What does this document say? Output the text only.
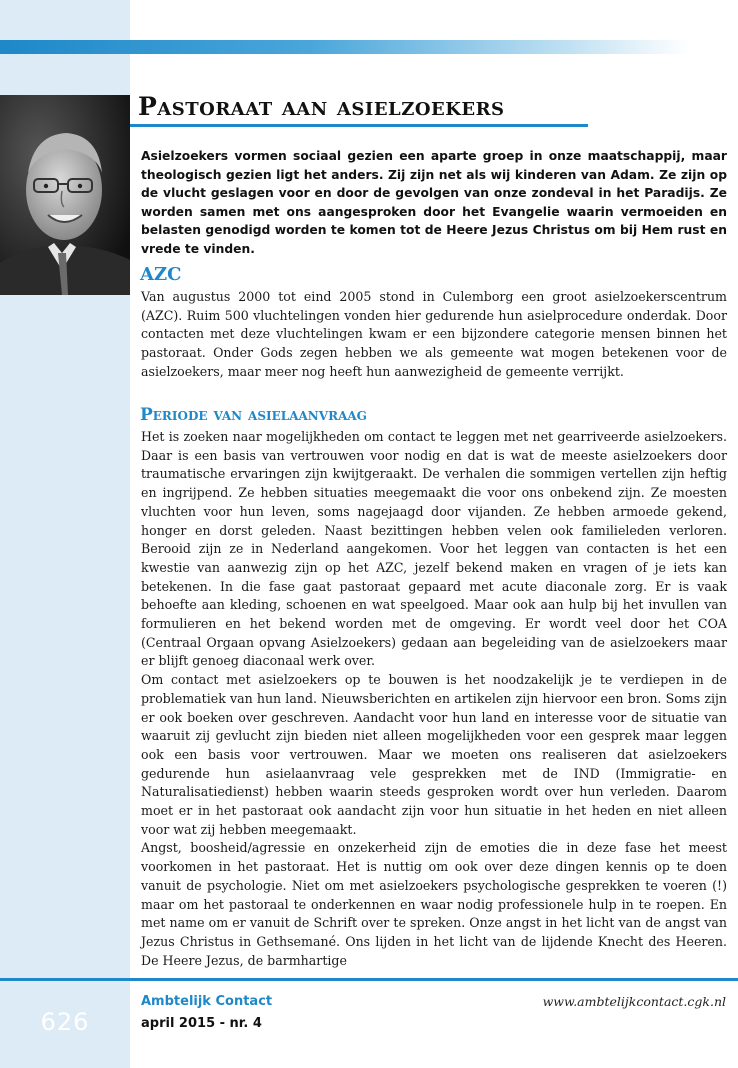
Pastoraat aan asielzoekers

Asielzoekers vormen sociaal gezien een aparte groep in onze maatschappij, maar theologisch gezien ligt het anders. Zij zijn net als wij kinderen van Adam. Ze zijn op de vlucht geslagen voor en door de gevolgen van onze zondeval in het Paradijs. Ze worden samen met ons aangesproken door het Evangelie waarin vermoeiden en belasten genodigd worden te komen tot de Heere Jezus Christus om bij Hem rust en vrede te vinden.

AZC

Van augustus 2000 tot eind 2005 stond in Culemborg een groot asielzoekerscentrum (AZC). Ruim 500 vluchtelingen vonden hier gedurende hun asielprocedure onderdak. Door contacten met deze vluchtelingen kwam er een bijzondere categorie mensen binnen het pastoraat. Onder Gods zegen hebben we als gemeente wat mogen betekenen voor de asielzoekers, maar meer nog heeft hun aanwezigheid de gemeente verrijkt.

Periode van asielaanvraag

Het is zoeken naar mogelijkheden om contact te leggen met net gearriveerde asielzoekers. Daar is een basis van vertrouwen voor nodig en dat is wat de meeste asielzoekers door traumatische ervaringen zijn kwijtgeraakt. De verhalen die sommigen vertellen zijn heftig en ingrijpend. Ze hebben situaties meegemaakt die voor ons onbekend zijn. Ze moesten vluchten voor hun leven, soms nagejaagd door vijanden. Ze hebben armoede gekend, honger en dorst geleden. Naast bezittingen hebben velen ook familieleden verloren. Berooid zijn ze in Nederland aangekomen. Voor het leggen van contacten is het een kwestie van aanwezig zijn op het AZC, jezelf bekend maken en vragen of je iets kan betekenen. In die fase gaat pastoraat gepaard met acute diaconale zorg. Er is vaak behoefte aan kleding, schoenen en wat speelgoed. Maar ook aan hulp bij het invullen van formulieren en het bekend worden met de omgeving. Er wordt veel door het COA (Centraal Orgaan opvang Asielzoekers) gedaan aan begeleiding van de asielzoekers maar er blijft genoeg diaconaal werk over.

Om contact met asielzoekers op te bouwen is het noodzakelijk je te verdiepen in de problematiek van hun land. Nieuwsberichten en artikelen zijn hiervoor een bron. Soms zijn er ook boeken over geschreven. Aandacht voor hun land en interesse voor de situatie van waaruit zij gevlucht zijn bieden niet alleen mogelijkheden voor een gesprek maar leggen ook een basis voor vertrouwen. Maar we moeten ons realiseren dat asielzoekers gedurende hun asielaanvraag vele gesprekken met de IND (Immigratie- en Naturalisatiedienst) hebben waarin steeds gesproken wordt over hun verleden. Daarom moet er in het pastoraat ook aandacht zijn voor hun situatie in het heden en niet alleen voor wat zij hebben meegemaakt.

Angst, boosheid/agressie en onzekerheid zijn de emoties die in deze fase het meest voorkomen in het pastoraat. Het is nuttig om ook over deze dingen kennis op te doen vanuit de psychologie. Niet om met asielzoekers psychologische gesprekken te voeren (!) maar om het pastoraal te onderkennen en waar nodig professionele hulp in te roepen. En met name om er vanuit de Schrift over te spreken. Onze angst in het licht van de angst van Jezus Christus in Gethsemané. Ons lijden in het licht van de lijdende Knecht des Heeren. De Heere Jezus, de barmhartige

626

Ambtelijk Contact

april 2015 - nr. 4

www.ambtelijkcontact.cgk.nl
